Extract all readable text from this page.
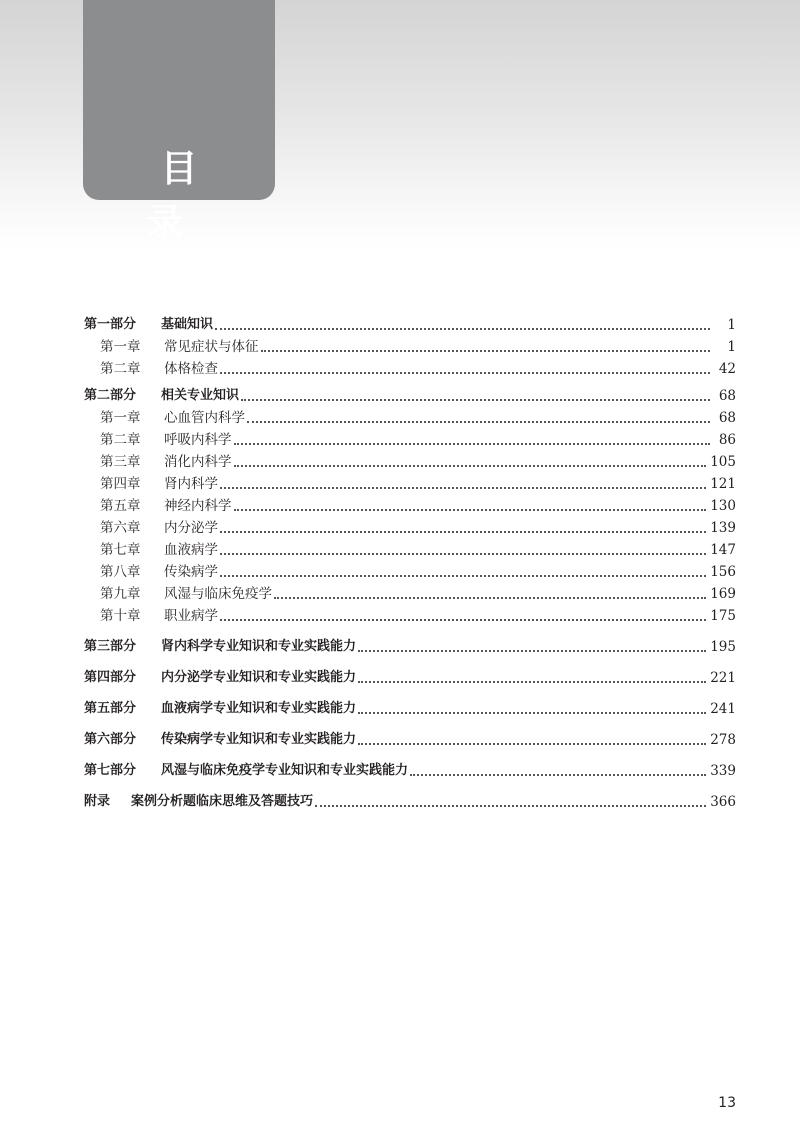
目 录
第一部分	基础知识	1
第一章	常见症状与体征	1
第二章	体格检查	42
第二部分	相关专业知识	68
第一章	心血管内科学	68
第二章	呼吸内科学	86
第三章	消化内科学	105
第四章	肾内科学	121
第五章	神经内科学	130
第六章	内分泌学	139
第七章	血液病学	147
第八章	传染病学	156
第九章	风湿与临床免疫学	169
第十章	职业病学	175
第三部分	肾内科学专业知识和专业实践能力	195
第四部分	内分泌学专业知识和专业实践能力	221
第五部分	血液病学专业知识和专业实践能力	241
第六部分	传染病学专业知识和专业实践能力	278
第七部分	风湿与临床免疫学专业知识和专业实践能力	339
附录	案例分析题临床思维及答题技巧	366
13
